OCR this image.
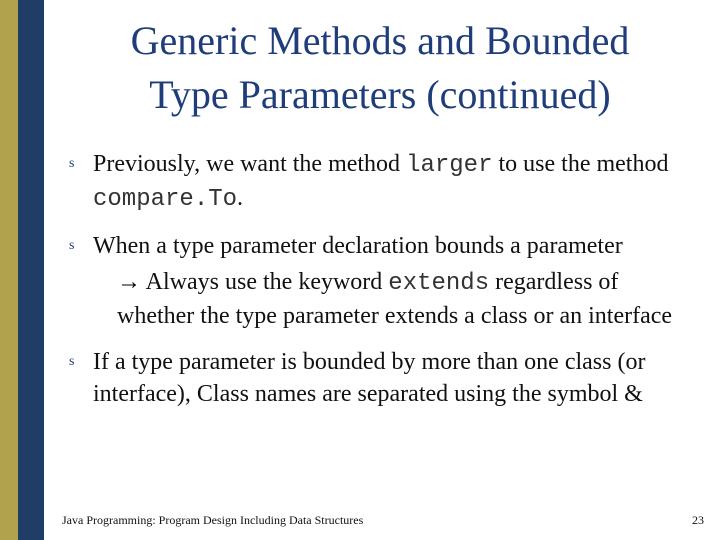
Generic Methods and Bounded
Type Parameters (continued)
s Previously, we want the method larger to use the method compare.To.
s When a type parameter declaration bounds a parameter
→ Always use the keyword extends regardless of whether the type parameter extends a class or an interface
s If a type parameter is bounded by more than one class (or interface), Class names are separated using the symbol &
Java Programming: Program Design Including Data Structures	23
